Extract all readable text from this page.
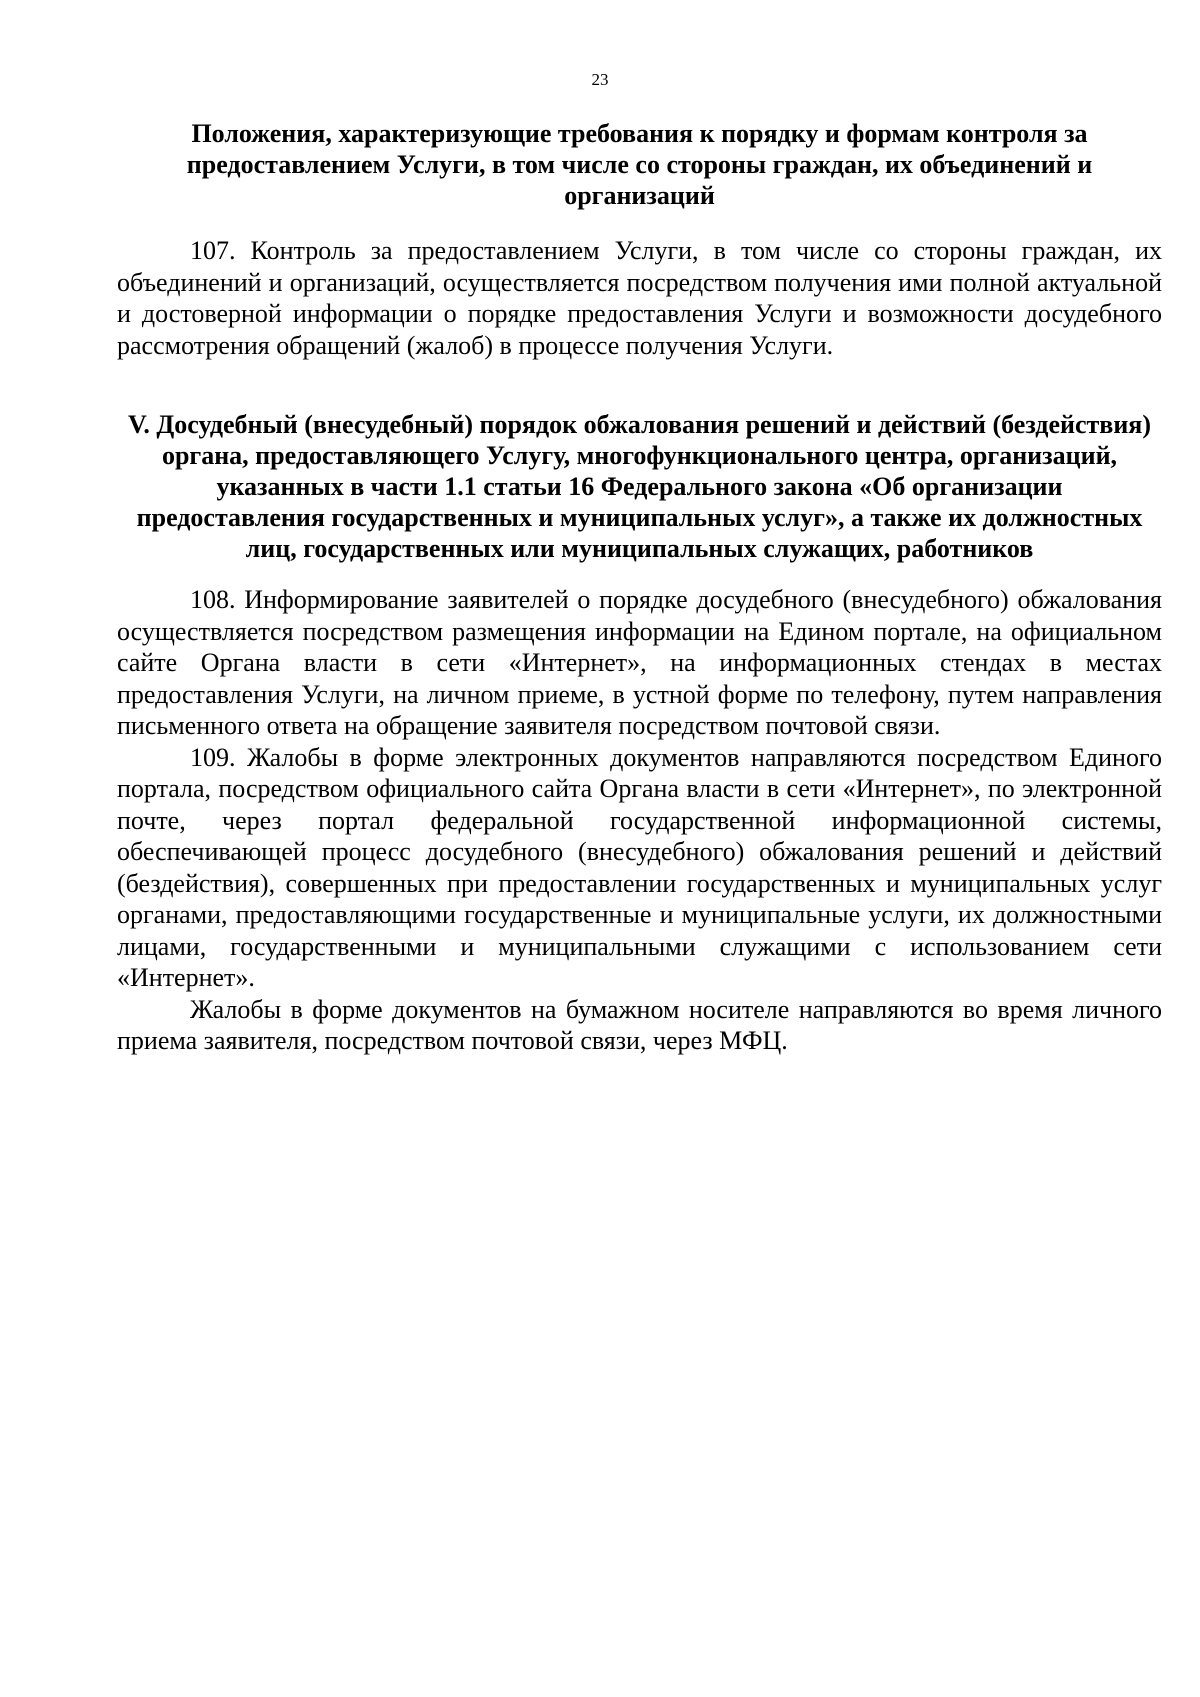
23
Положения, характеризующие требования к порядку и формам контроля за предоставлением Услуги, в том числе со стороны граждан, их объединений и организаций

107. Контроль за предоставлением Услуги, в том числе со стороны граждан, их объединений и организаций, осуществляется посредством получения ими полной актуальной и достоверной информации о порядке предоставления Услуги и возможности досудебного рассмотрения обращений (жалоб) в процессе получения Услуги.

V. Досудебный (внесудебный) порядок обжалования решений и действий (бездействия) органа, предоставляющего Услугу, многофункционального центра, организаций, указанных в части 1.1 статьи 16 Федерального закона «Об организации предоставления государственных и муниципальных услуг», а также их должностных лиц, государственных или муниципальных служащих, работников

108. Информирование заявителей о порядке досудебного (внесудебного) обжалования осуществляется посредством размещения информации на Едином портале, на официальном сайте Органа власти в сети «Интернет», на информационных стендах в местах предоставления Услуги, на личном приеме, в устной форме по телефону, путем направления письменного ответа на обращение заявителя посредством почтовой связи.

109. Жалобы в форме электронных документов направляются посредством Единого портала, посредством официального сайта Органа власти в сети «Интернет», по электронной почте, через портал федеральной государственной информационной системы, обеспечивающей процесс досудебного (внесудебного) обжалования решений и действий (бездействия), совершенных при предоставлении государственных и муниципальных услуг органами, предоставляющими государственные и муниципальные услуги, их должностными лицами, государственными и муниципальными служащими с использованием сети «Интернет».

Жалобы в форме документов на бумажном носителе направляются во время личного приема заявителя, посредством почтовой связи, через МФЦ.
